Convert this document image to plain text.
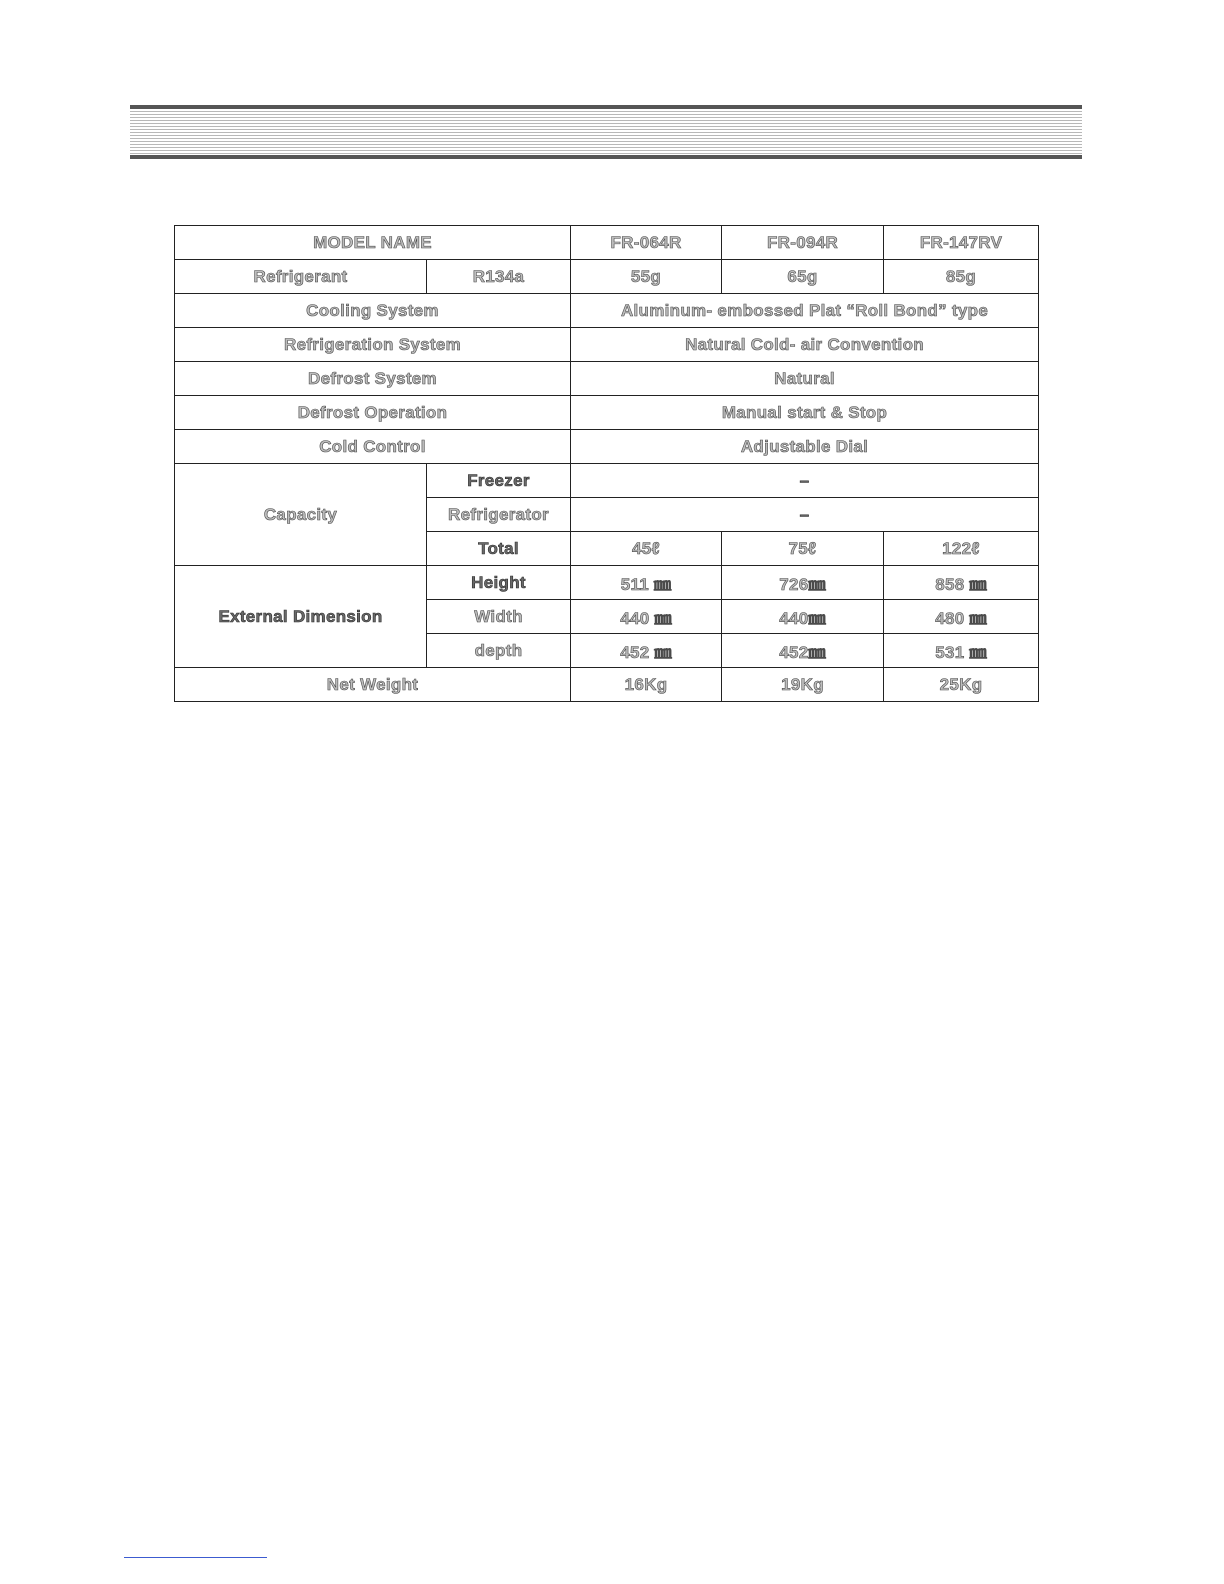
MODEL NAME		FR-064R	FR-094R	FR-147RV
Refrigerant	R134a	55g	65g	85g
Cooling System		Aluminum- embossed Plat “Roll Bond” type		
Refrigeration System		Natural Cold- air Convention		
Defrost System		Natural		
Defrost Operation		Manual start & Stop		
Cold Control		Adjustable Dial		
Capacity	Freezer	–		
	Refrigerator	–		
	Total	45ℓ	75ℓ	122ℓ
External Dimension	Height	511 ㎜	726㎜	858 ㎜
	Width	440 ㎜	440㎜	480 ㎜
	depth	452 ㎜	452㎜	531 ㎜
Net Weight		16Kg	19Kg	25Kg
